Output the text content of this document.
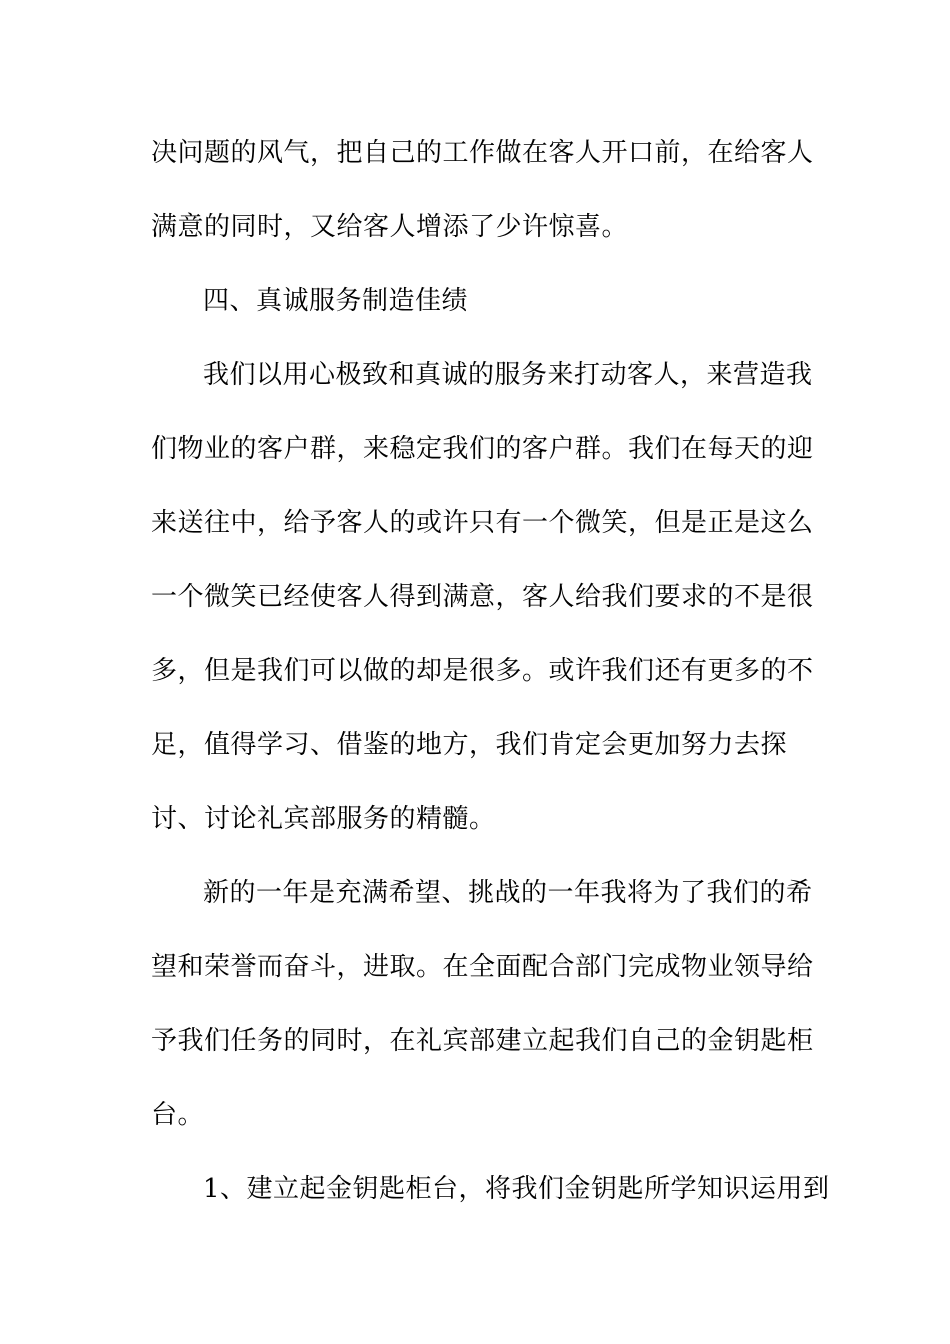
决问题的风气，把自己的工作做在客人开口前，在给客人
满意的同时，又给客人增添了少许惊喜。
四、真诚服务制造佳绩
我们以用心极致和真诚的服务来打动客人，来营造我
们物业的客户群，来稳定我们的客户群。我们在每天的迎
来送往中，给予客人的或许只有一个微笑，但是正是这么
一个微笑已经使客人得到满意，客人给我们要求的不是很
多，但是我们可以做的却是很多。或许我们还有更多的不
足，值得学习、借鉴的地方，我们肯定会更加努力去探
讨、讨论礼宾部服务的精髓。
新的一年是充满希望、挑战的一年我将为了我们的希
望和荣誉而奋斗，进取。在全面配合部门完成物业领导给
予我们任务的同时，在礼宾部建立起我们自己的金钥匙柜
台。
1、建立起金钥匙柜台，将我们金钥匙所学知识运用到
